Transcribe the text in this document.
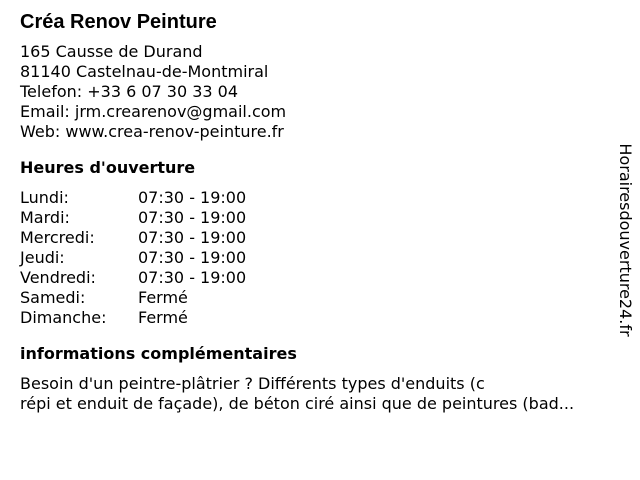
Créa Renov Peinture
165 Causse de Durand
81140 Castelnau-de-Montmiral
Telefon: +33 6 07 30 33 04
Email: jrm.crearenov@gmail.com
Web: www.crea-renov-peinture.fr
Heures d'ouverture
Lundi:	07:30 - 19:00
Mardi:	07:30 - 19:00
Mercredi:	07:30 - 19:00
Jeudi:	07:30 - 19:00
Vendredi:	07:30 - 19:00
Samedi:	Fermé
Dimanche:	Fermé
informations complémentaires
Besoin d'un peintre-plâtrier ? Différents types d'enduits (c
répi et enduit de façade), de béton ciré ainsi que de peintures (bad...
Horairesdouverture24.fr
